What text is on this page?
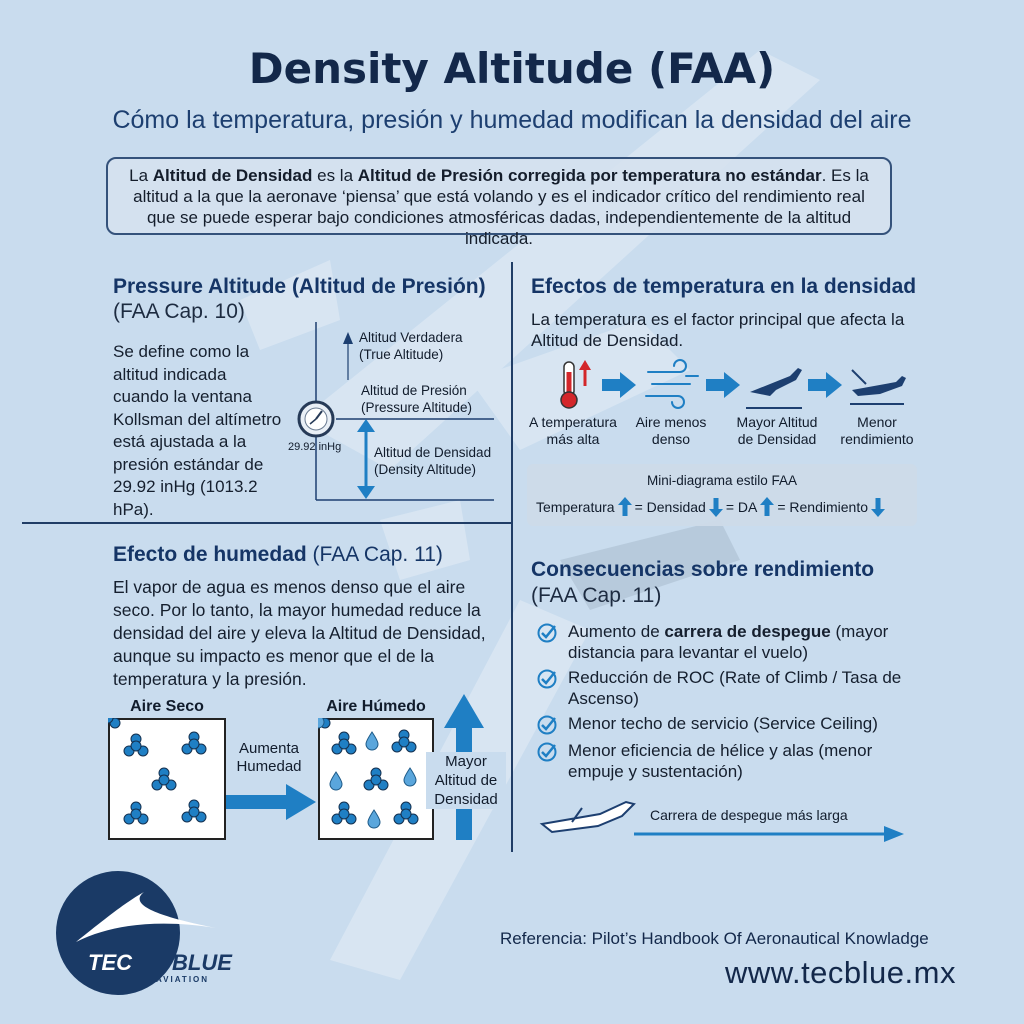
Density Altitude (FAA)
Cómo la temperatura, presión y humedad modifican la densidad del aire
La Altitud de Densidad es la Altitud de Presión corregida por temperatura no estándar. Es la altitud a la que la aeronave ‘piensa’ que está volando y es el indicador crítico del rendimiento real que se puede esperar bajo condiciones atmosféricas dadas, independientemente de la altitud indicada.
Pressure Altitude (Altitud de Presión)
(FAA Cap. 10)
Se define como la altitud indicada cuando la ventana Kollsman del altímetro está ajustada a la presión estándar de 29.92 inHg (1013.2 hPa).
Altitud Verdadera
(True Altitude)
Altitud de Presión
(Pressure Altitude)
Altitud de Densidad
(Density Altitude)
29.92 inHg
Efectos de temperatura en la densidad
La temperatura es el factor principal que afecta la Altitud de Densidad.
A temperatura
más alta
Aire menos
denso
Mayor Altitud
de Densidad
Menor
rendimiento
Mini-diagrama estilo FAA
Temperatura = Densidad = DA = Rendimiento
Efecto de humedad (FAA Cap. 11)
El vapor de agua es menos denso que el aire seco. Por lo tanto, la mayor humedad reduce la densidad del aire y eleva la Altitud de Densidad, aunque su impacto es menor que el de la temperatura y la presión.
Aire Seco	Aire Húmedo
Aumenta
Humedad	Mayor
Altitud de
Densidad
Consecuencias sobre rendimiento
(FAA Cap. 11)
Aumento de carrera de despegue (mayor distancia para levantar el vuelo)
Reducción de ROC (Rate of Climb / Tasa de Ascenso)
Menor techo de servicio (Service Ceiling)
Menor eficiencia de hélice y alas (menor empuje y sustentación)
Carrera de despegue más larga
TEC BLUE
AVIATION
Referencia: Pilot’s Handbook Of Aeronautical Knowladge
www.tecblue.mx
